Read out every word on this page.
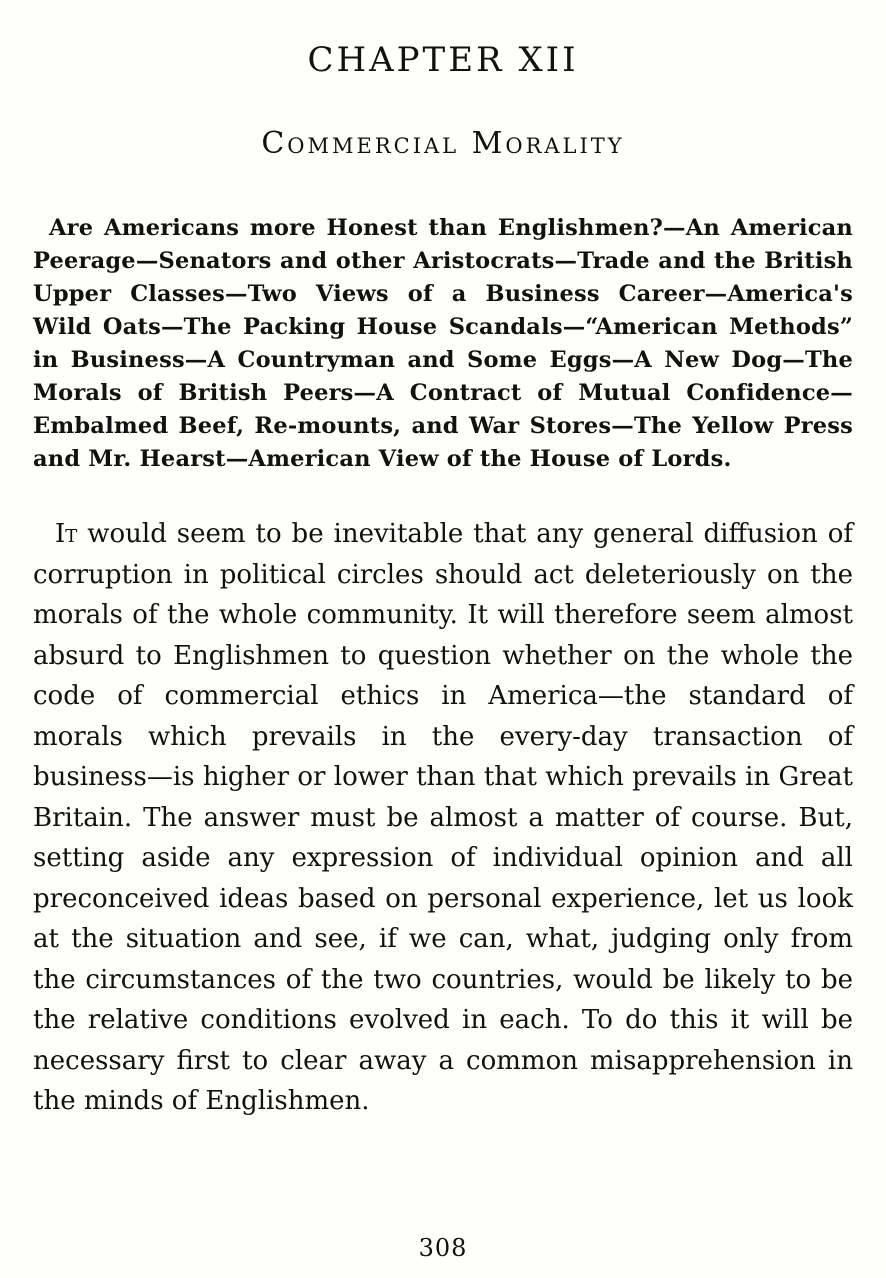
CHAPTER XII
Commercial Morality

Are Americans more Honest than Englishmen?—An American Peerage—Senators and other Aristocrats—Trade and the British Upper Classes—Two Views of a Business Career—America's Wild Oats—The Packing House Scandals—“American Methods” in Business—A Countryman and Some Eggs—A New Dog—The Morals of British Peers—A Contract of Mutual Confidence—Embalmed Beef, Re-mounts, and War Stores—The Yellow Press and Mr. Hearst—American View of the House of Lords.

It would seem to be inevitable that any general diffusion of corruption in political circles should act deleteriously on the morals of the whole community. It will therefore seem almost absurd to Englishmen to question whether on the whole the code of commercial ethics in America—the standard of morals which prevails in the every-day transaction of business—is higher or lower than that which prevails in Great Britain. The answer must be almost a matter of course. But, setting aside any expression of individual opinion and all preconceived ideas based on personal experience, let us look at the situation and see, if we can, what, judging only from the circumstances of the two countries, would be likely to be the relative conditions evolved in each. To do this it will be necessary first to clear away a common misapprehension in the minds of Englishmen.

308
